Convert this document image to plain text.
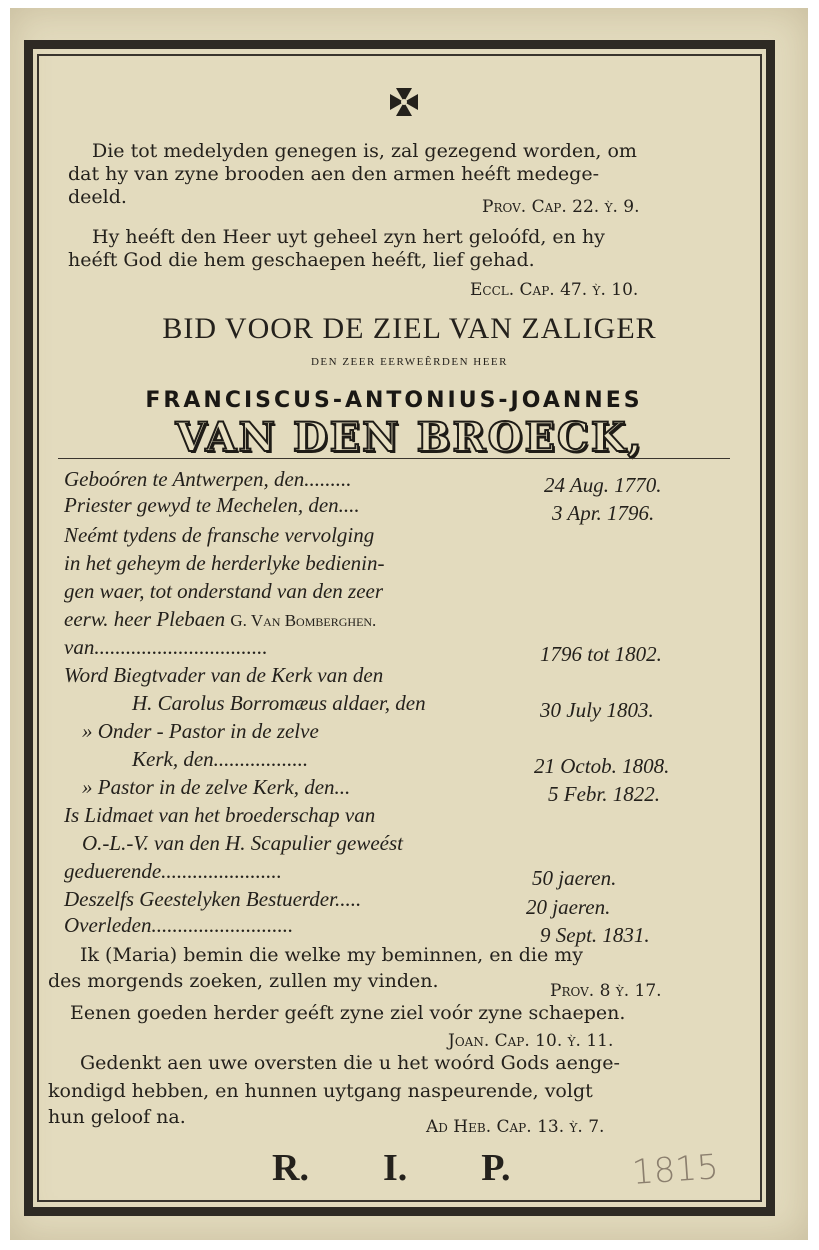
Die tot medelyden genegen is, zal gezegend worden, om
dat hy van zyne brooden aen den armen heéft medege-
deeld.	Prov. Cap. 22. ỳ. 9.
Hy heéft den Heer uyt geheel zyn hert geloófd, en hy
heéft God die hem geschaepen heéft, lief gehad.
Eccl. Cap. 47. ỳ. 10.
BID VOOR DE ZIEL VAN ZALIGER
DEN ZEER EERWEÊRDEN HEER
FRANCISCUS-ANTONIUS-JOANNES
VAN DEN BROECK,
Geboóren te Antwerpen, den.........	24 Aug. 1770.
Priester gewyd te Mechelen, den....	3 Apr. 1796.
Neémt tydens de fransche vervolging
in het geheym de herderlyke bedienin-
gen waer, tot onderstand van den zeer
eerw. heer Plebaen G. Van Bomberghen.
van.................................	1796 tot 1802.
Word Biegtvader van de Kerk van den
H. Carolus Borromæus aldaer, den	30 July 1803.
» Onder - Pastor in de zelve
Kerk, den..................	21 Octob. 1808.
» Pastor in de zelve Kerk, den...	5 Febr. 1822.
Is Lidmaet van het broederschap van
O.-L.-V. van den H. Scapulier geweést
geduerende.......................	50 jaeren.
Deszelfs Geestelyken Bestuerder.....	20 jaeren.
Overleden...........................	9 Sept. 1831.
Ik (Maria) bemin die welke my beminnen, en die my
des morgends zoeken, zullen my vinden.	Prov. 8 ỳ. 17.
Eenen goeden herder geéft zyne ziel voór zyne schaepen.
Joan. Cap. 10. ỳ. 11.
Gedenkt aen uwe oversten die u het woórd Gods aenge-
kondigd hebben, en hunnen uytgang naspeurende, volgt
hun geloof na.	Ad Heb. Cap. 13. ỳ. 7.
R. I. P.	1815
